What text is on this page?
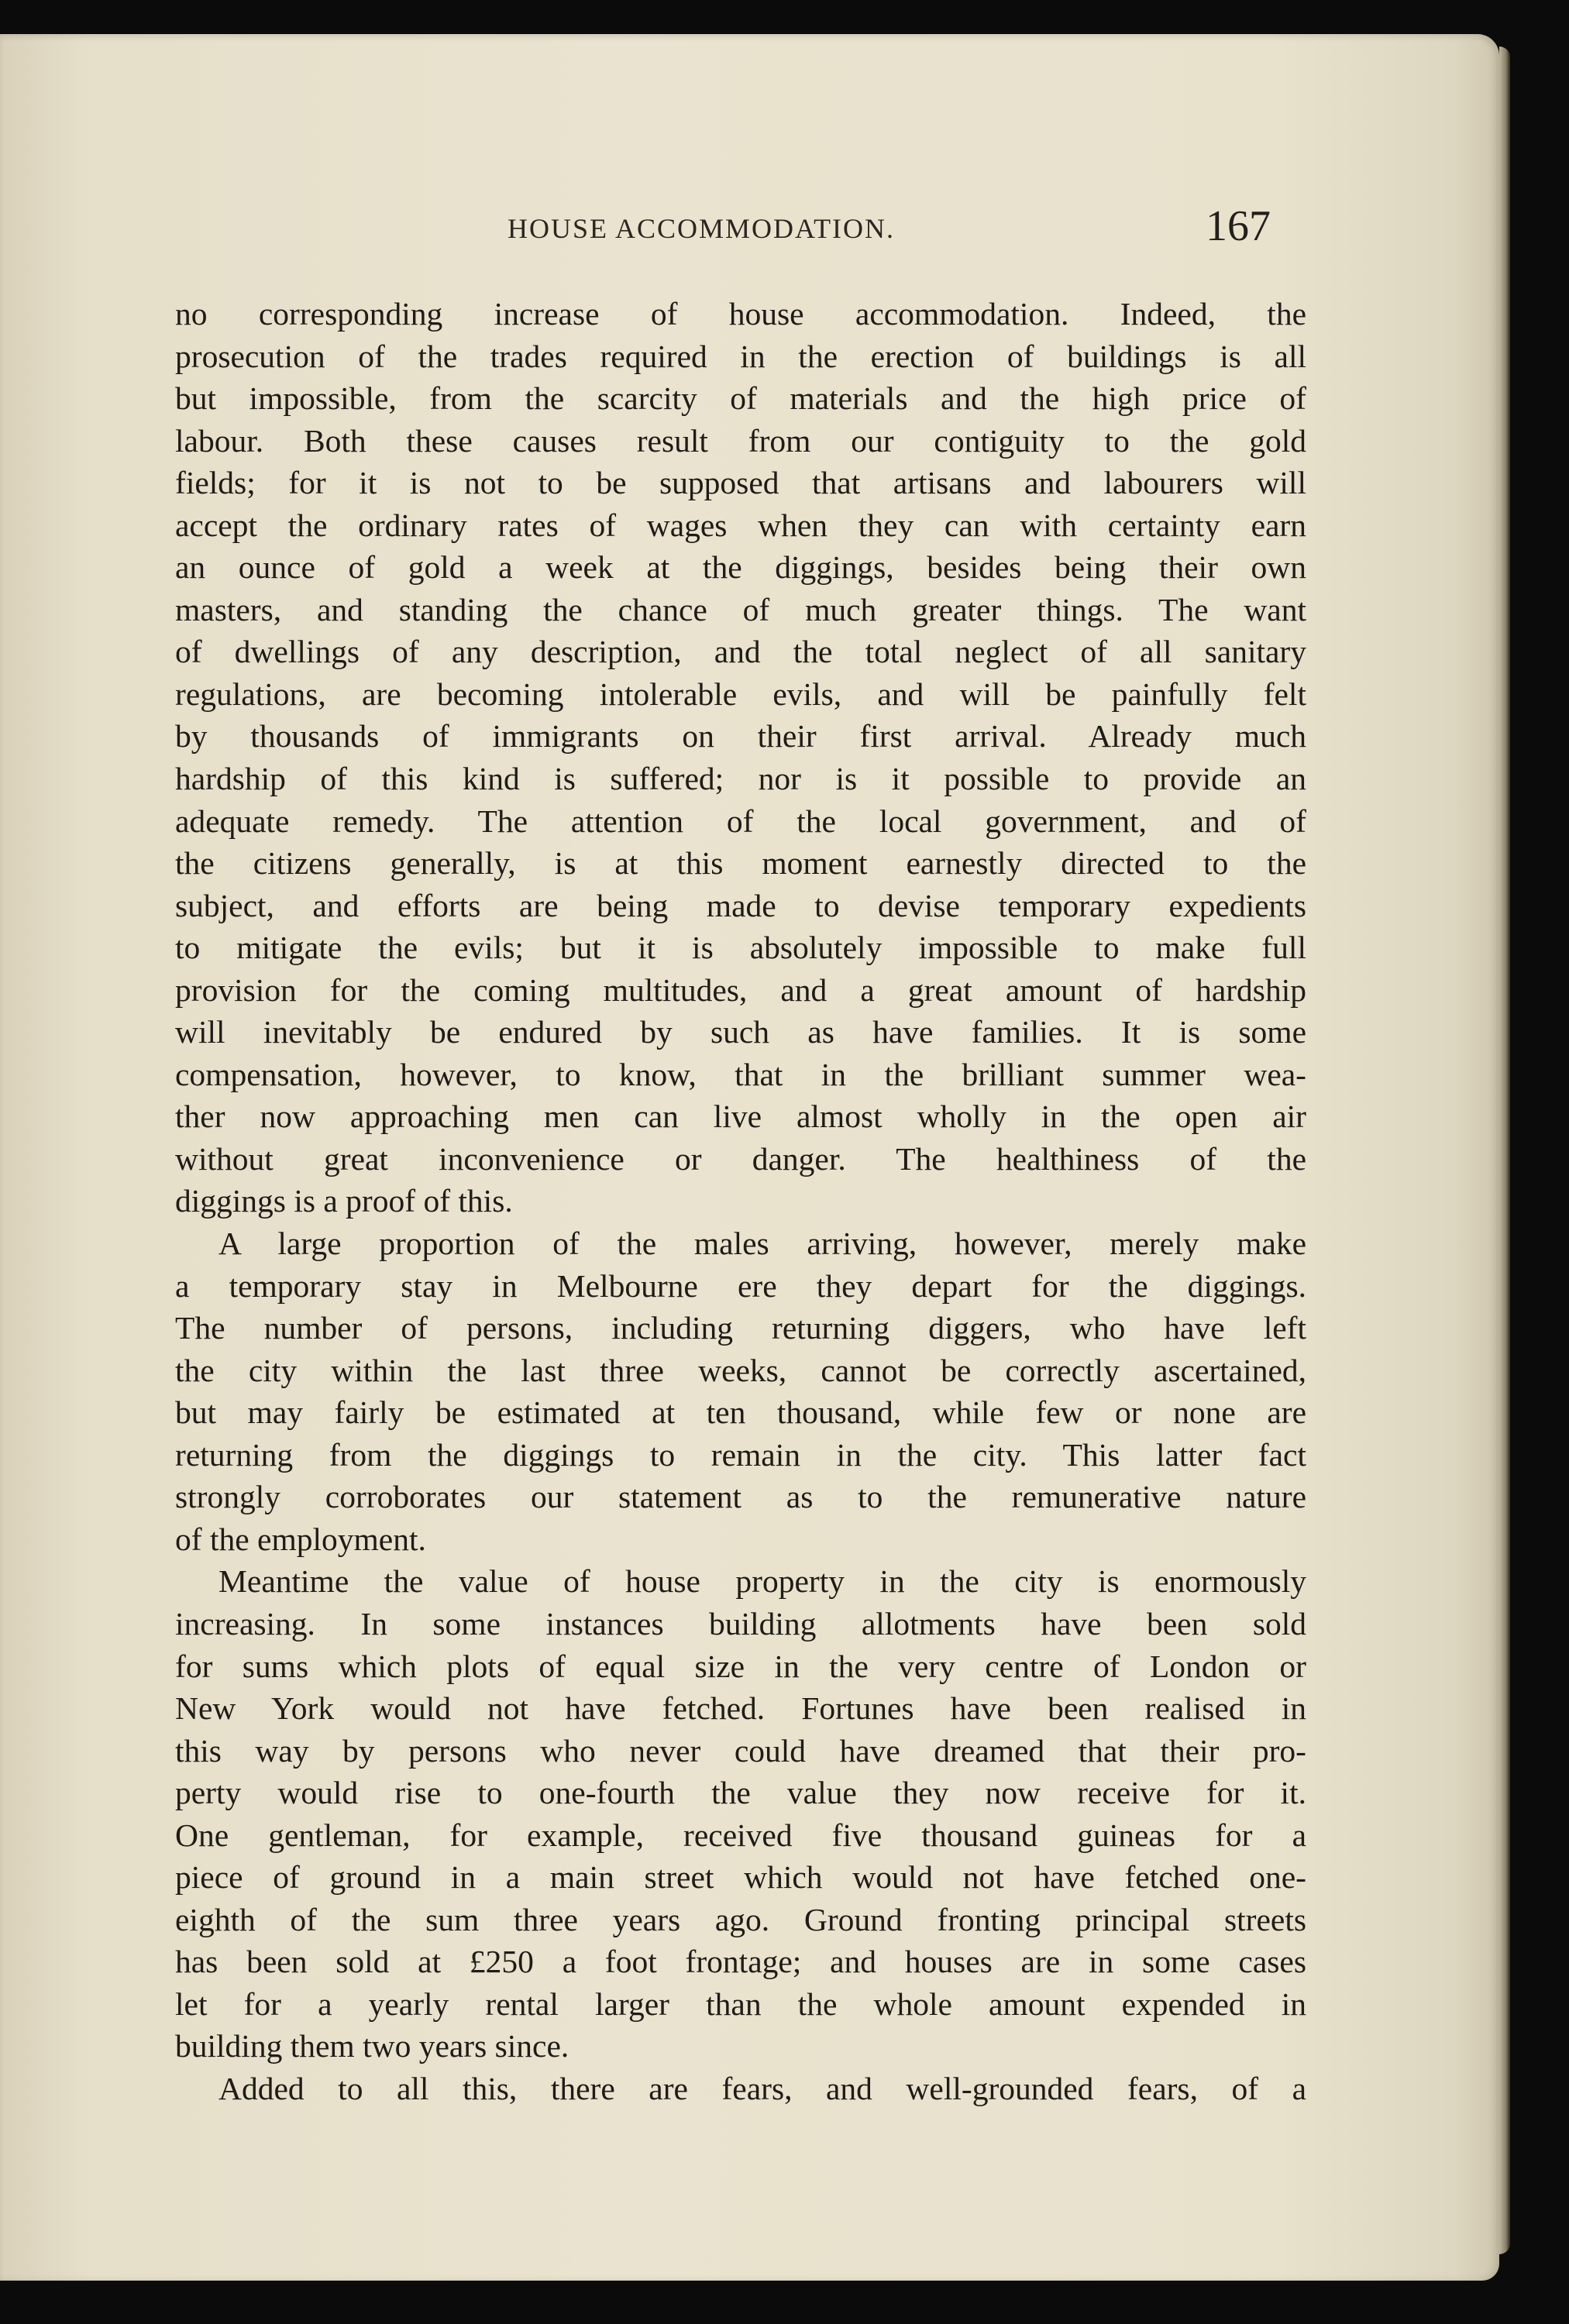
HOUSE ACCOMMODATION.	167
no corresponding increase of house accommodation. Indeed, the
prosecution of the trades required in the erection of buildings is all
but impossible, from the scarcity of materials and the high price of
labour. Both these causes result from our contiguity to the gold
fields; for it is not to be supposed that artisans and labourers will
accept the ordinary rates of wages when they can with certainty earn
an ounce of gold a week at the diggings, besides being their own
masters, and standing the chance of much greater things. The want
of dwellings of any description, and the total neglect of all sanitary
regulations, are becoming intolerable evils, and will be painfully felt
by thousands of immigrants on their first arrival. Already much
hardship of this kind is suffered; nor is it possible to provide an
adequate remedy. The attention of the local government, and of
the citizens generally, is at this moment earnestly directed to the
subject, and efforts are being made to devise temporary expedients
to mitigate the evils; but it is absolutely impossible to make full
provision for the coming multitudes, and a great amount of hardship
will inevitably be endured by such as have families. It is some
compensation, however, to know, that in the brilliant summer wea-
ther now approaching men can live almost wholly in the open air
without great inconvenience or danger. The healthiness of the
diggings is a proof of this.
A large proportion of the males arriving, however, merely make
a temporary stay in Melbourne ere they depart for the diggings.
The number of persons, including returning diggers, who have left
the city within the last three weeks, cannot be correctly ascertained,
but may fairly be estimated at ten thousand, while few or none are
returning from the diggings to remain in the city. This latter fact
strongly corroborates our statement as to the remunerative nature
of the employment.
Meantime the value of house property in the city is enormously
increasing. In some instances building allotments have been sold
for sums which plots of equal size in the very centre of London or
New York would not have fetched. Fortunes have been realised in
this way by persons who never could have dreamed that their pro-
perty would rise to one-fourth the value they now receive for it.
One gentleman, for example, received five thousand guineas for a
piece of ground in a main street which would not have fetched one-
eighth of the sum three years ago. Ground fronting principal streets
has been sold at £250 a foot frontage; and houses are in some cases
let for a yearly rental larger than the whole amount expended in
building them two years since.
Added to all this, there are fears, and well-grounded fears, of a
